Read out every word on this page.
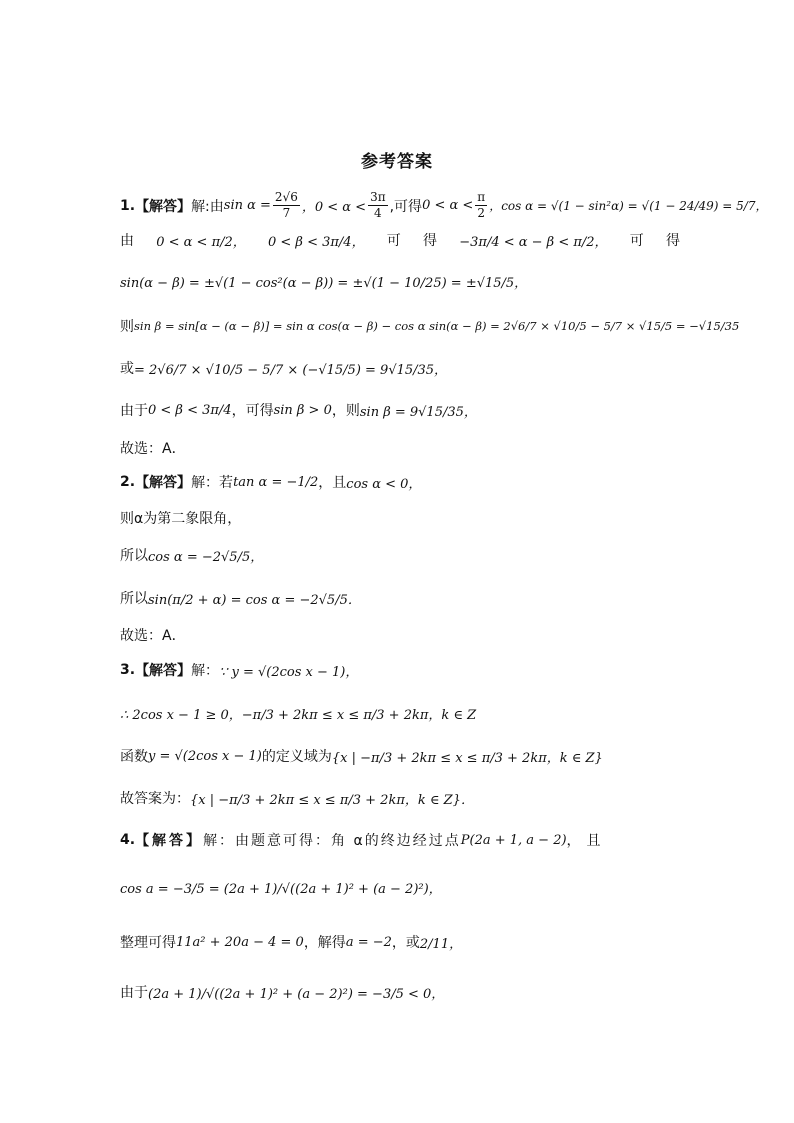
参考答案
1. 【解答】 解:由 $\sin \alpha = \frac{2√6}{7}$ ，$0 < \alpha < \frac{3\pi}{4}$ ,可得 $0 < \alpha < \frac{\pi}{2}$ ，cos α = √(1 − sin²α) = √(1 − 24/49) = 5/7，
由 0 < α < π/2， 0 < β < 3π/4， 可 得 −3π/4 < α − β < π/2， 可 得
sin(α − β) = ±√(1 − cos²(α − β)) = ±√(1 − 10/25) = ±√15/5，
则 sin β = sin[α − (α − β)] = sin α cos(α − β) − cos α sin(α − β) = 2√6/7 × √10/5 − 5/7 × √15/5 = −√15/35
或 = 2√6/7 × √10/5 − 5/7 × (−√15/5) = 9√15/35，
由于 0 < β < 3π/4 ，可得 sin β > 0 ，则 sin β = 9√15/35，
故选：A．
2. 【解答】 解：若 tan α = −1/2 ，且 cos α < 0，
则α为第二象限角，
所以 cos α = −2√5/5，
所以 sin(π/2 + α) = cos α = −2√5/5．
故选：A．
3. 【解答】 解： ∵ y = √(2cos x − 1)，
∴ 2cos x − 1 ≥ 0，−π/3 + 2kπ ≤ x ≤ π/3 + 2kπ，k ∈ Z
函数 y = √(2cos x − 1) 的定义域为 {x | −π/3 + 2kπ ≤ x ≤ π/3 + 2kπ，k ∈ Z}
故答案为： {x | −π/3 + 2kπ ≤ x ≤ π/3 + 2kπ，k ∈ Z}．
4. 【解答】 解：由题意可得：角 α的终边经过点 P(2a + 1, a − 2) ，且
cos a = −3/5 = (2a + 1)/√((2a + 1)² + (a − 2)²)，
整理可得 11a² + 20a − 4 = 0 ，解得 a = −2 ，或 2/11，
由于 (2a + 1)/√((2a + 1)² + (a − 2)²) = −3/5 < 0，
